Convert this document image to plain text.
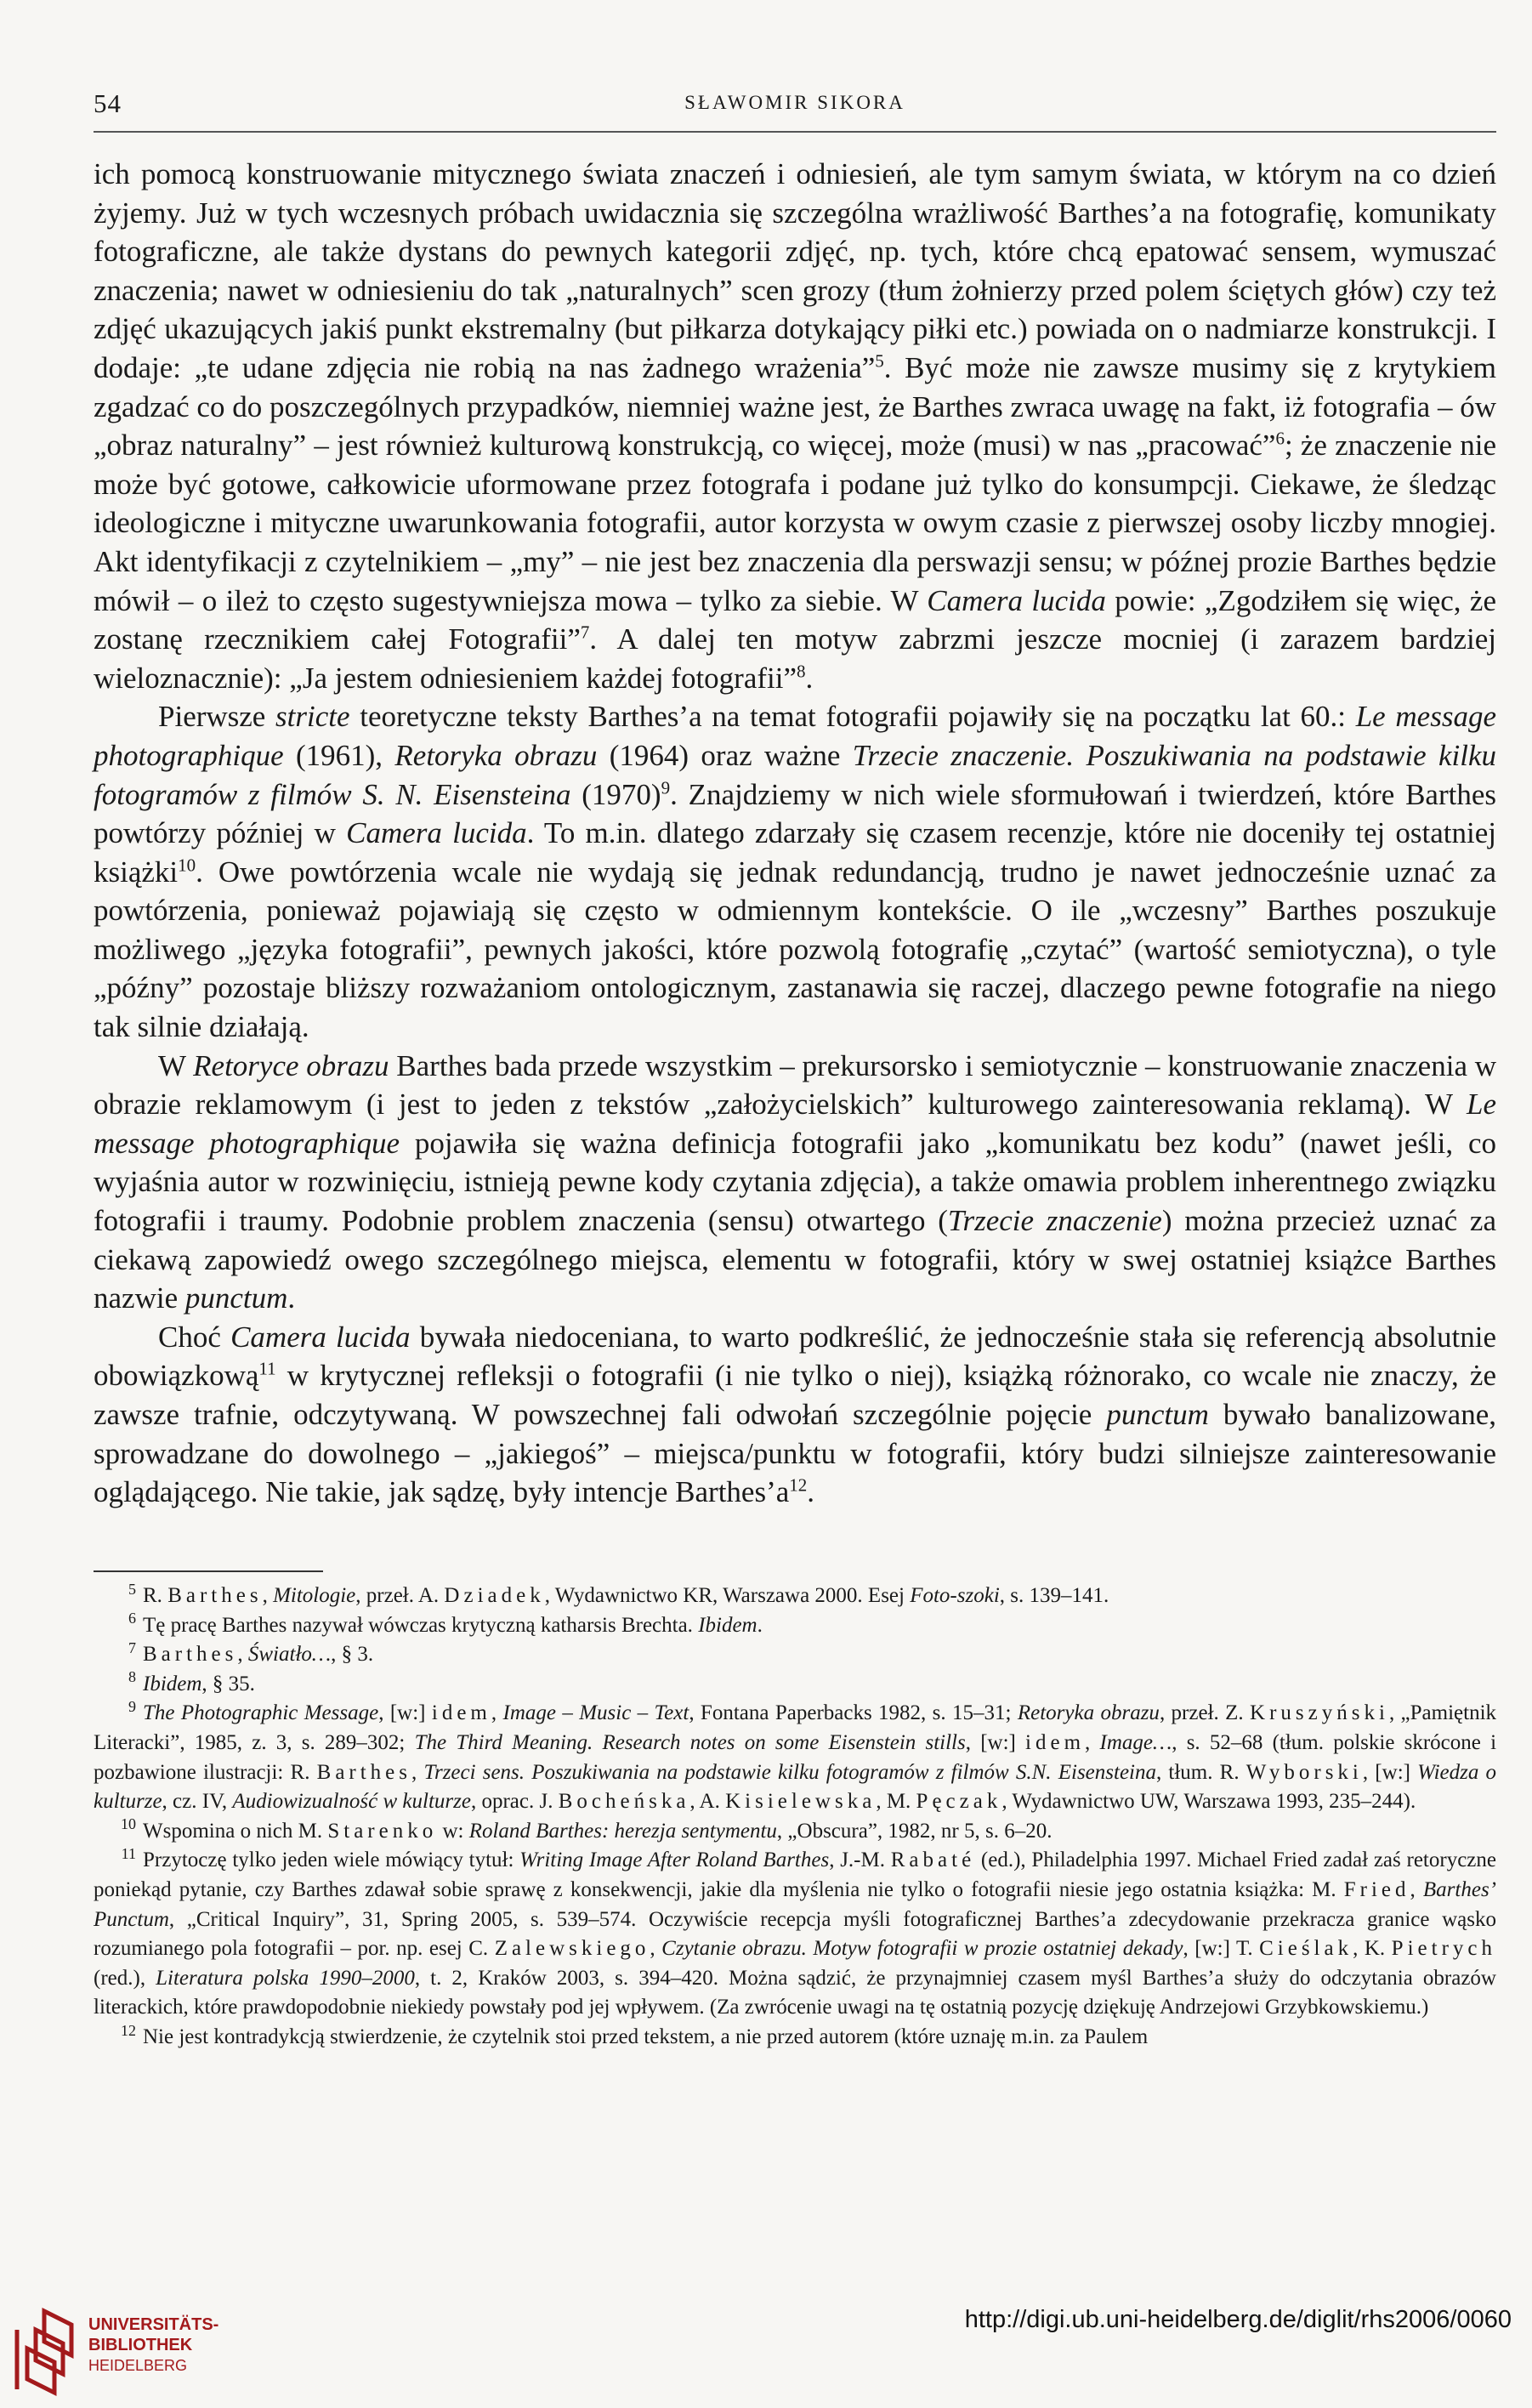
54	SŁAWOMIR SIKORA

ich pomocą konstruowanie mitycznego świata znaczeń i odniesień, ale tym samym świata, w którym na co dzień żyjemy. Już w tych wczesnych próbach uwidacznia się szczególna wrażliwość Barthes’a na fotografię, komunikaty fotograficzne, ale także dystans do pewnych kategorii zdjęć, np. tych, które chcą epatować sensem, wymuszać znaczenia; nawet w odniesieniu do tak „naturalnych” scen grozy (tłum żołnierzy przed polem ściętych głów) czy też zdjęć ukazujących jakiś punkt ekstremalny (but piłkarza dotykający piłki etc.) powiada on o nadmiarze konstrukcji. I dodaje: „te udane zdjęcia nie robią na nas żadnego wrażenia”$^5$. Być może nie zawsze musimy się z krytykiem zgadzać co do poszczególnych przypadków, niemniej ważne jest, że Barthes zwraca uwagę na fakt, iż fotografia – ów „obraz naturalny” – jest również kulturową konstrukcją, co więcej, może (musi) w nas „pracować”$^6$; że znaczenie nie może być gotowe, całkowicie uformowane przez fotografa i podane już tylko do konsumpcji. Ciekawe, że śledząc ideologiczne i mityczne uwarunkowania fotografii, autor korzysta w owym czasie z pierwszej osoby liczby mnogiej. Akt identyfikacji z czytelnikiem – „my” – nie jest bez znaczenia dla perswazji sensu; w późnej prozie Barthes będzie mówił – o ileż to często sugestywniejsza mowa – tylko za siebie. W Camera lucida powie: „Zgodziłem się więc, że zostanę rzecznikiem całej Fotografii”$^7$. A dalej ten motyw zabrzmi jeszcze mocniej (i zarazem bardziej wieloznacznie): „Ja jestem odniesieniem każdej fotografii”$^8$.

Pierwsze stricte teoretyczne teksty Barthes’a na temat fotografii pojawiły się na początku lat 60.: Le message photographique (1961), Retoryka obrazu (1964) oraz ważne Trzecie znaczenie. Poszukiwania na podstawie kilku fotogramów z filmów S. N. Eisensteina $(1970)^9$. Znajdziemy w nich wiele sformułowań i twierdzeń, które Barthes powtórzy później w Camera lucida. To m.in. dlatego zdarzały się czasem recenzje, które nie doceniły tej ostatniej książki$^{10}$. Owe powtórzenia wcale nie wydają się jednak redundancją, trudno je nawet jednocześnie uznać za powtórzenia, ponieważ pojawiają się często w odmiennym kontekście. O ile „wczesny” Barthes poszukuje możliwego „języka fotografii”, pewnych jakości, które pozwolą fotografię „czytać” (wartość semiotyczna), o tyle „późny” pozostaje bliższy rozważaniom ontologicznym, zastanawia się raczej, dlaczego pewne fotografie na niego tak silnie działają.

W Retoryce obrazu Barthes bada przede wszystkim – prekursorsko i semiotycznie – konstruowanie znaczenia w obrazie reklamowym (i jest to jeden z tekstów „założycielskich” kulturowego zainteresowania reklamą). W Le message photographique pojawiła się ważna definicja fotografii jako „komunikatu bez kodu” (nawet jeśli, co wyjaśnia autor w rozwinięciu, istnieją pewne kody czytania zdjęcia), a także omawia problem inherentnego związku fotografii i traumy. Podobnie problem znaczenia (sensu) otwartego (Trzecie znaczenie) można przecież uznać za ciekawą zapowiedź owego szczególnego miejsca, elementu w fotografii, który w swej ostatniej książce Barthes nazwie punctum.

Choć Camera lucida bywała niedoceniana, to warto podkreślić, że jednocześnie stała się referencją absolutnie obowiązkową$^{11}$ w krytycznej refleksji o fotografii (i nie tylko o niej), książką różnorako, co wcale nie znaczy, że zawsze trafnie, odczytywaną. W powszechnej fali odwołań szczególnie pojęcie punctum bywało banalizowane, sprowadzane do dowolnego – „jakiegoś” – miejsca/punktu w fotografii, który budzi silniejsze zainteresowanie oglądającego. Nie takie, jak sądzę, były intencje $Barthes’a^{12}$.

5 R. Barthes, Mitologie, przeł. A. Dziadek, Wydawnictwo KR, Warszawa 2000. Esej Foto-szoki, s. 139–141.

6 Tę pracę Barthes nazywał wówczas krytyczną katharsis Brechta. Ibidem.

7 Barthes, Światło…, § 3.

8 Ibidem, § 35.

9 The Photographic Message, [w:] idem, Image – Music – Text, Fontana Paperbacks 1982, s. 15–31; Retoryka obrazu, przeł. Z. Kruszyński, „Pamiętnik Literacki”, 1985, z. 3, s. 289–302; The Third Meaning. Research notes on some Eisenstein stills, [w:] idem, Image…, s. 52–68 (tłum. polskie skrócone i pozbawione ilustracji: R. Barthes, Trzeci sens. Poszukiwania na podstawie kilku fotogramów z filmów S.N. Eisensteina, tłum. R. Wyborski, [w:] Wiedza o kulturze, cz. IV, Audiowizualność w kulturze, oprac. J. Bocheńska, A. Kisielewska, M. Pęczak, Wydawnictwo UW, Warszawa 1993, 235–244).

10 Wspomina o nich M. Starenko w: Roland Barthes: herezja sentymentu, „Obscura”, 1982, nr 5, s. 6–20.

11 Przytoczę tylko jeden wiele mówiący tytuł: Writing Image After Roland Barthes, J.-M. Rabaté (ed.), Philadelphia 1997. Michael Fried zadał zaś retoryczne poniekąd pytanie, czy Barthes zdawał sobie sprawę z konsekwencji, jakie dla myślenia nie tylko o fotografii niesie jego ostatnia książka: M. Fried, Barthes’ Punctum, „Critical Inquiry”, 31, Spring 2005, s. 539–574. Oczywiście recepcja myśli fotograficznej Barthes’a zdecydowanie przekracza granice wąsko rozumianego pola fotografii – por. np. esej C. Zalewskiego, Czytanie obrazu. Motyw fotografii w prozie ostatniej dekady, [w:] T. Cieślak, K. Pietrych (red.), Literatura polska 1990–2000, t. 2, Kraków 2003, s. 394–420. Można sądzić, że przynajmniej czasem myśl Barthes’a służy do odczytania obrazów literackich, które prawdopodobnie niekiedy powstały pod jej wpływem. (Za zwrócenie uwagi na tę ostatnią pozycję dziękuję Andrzejowi Grzybkowskiemu.)

12 Nie jest kontradykcją stwierdzenie, że czytelnik stoi przed tekstem, a nie przed autorem (które uznaję m.in. za Paulem

UNIVERSITÄTS-
BIBLIOTHEK
HEIDELBERG
http://digi.ub.uni-heidelberg.de/diglit/rhs2006/0060
